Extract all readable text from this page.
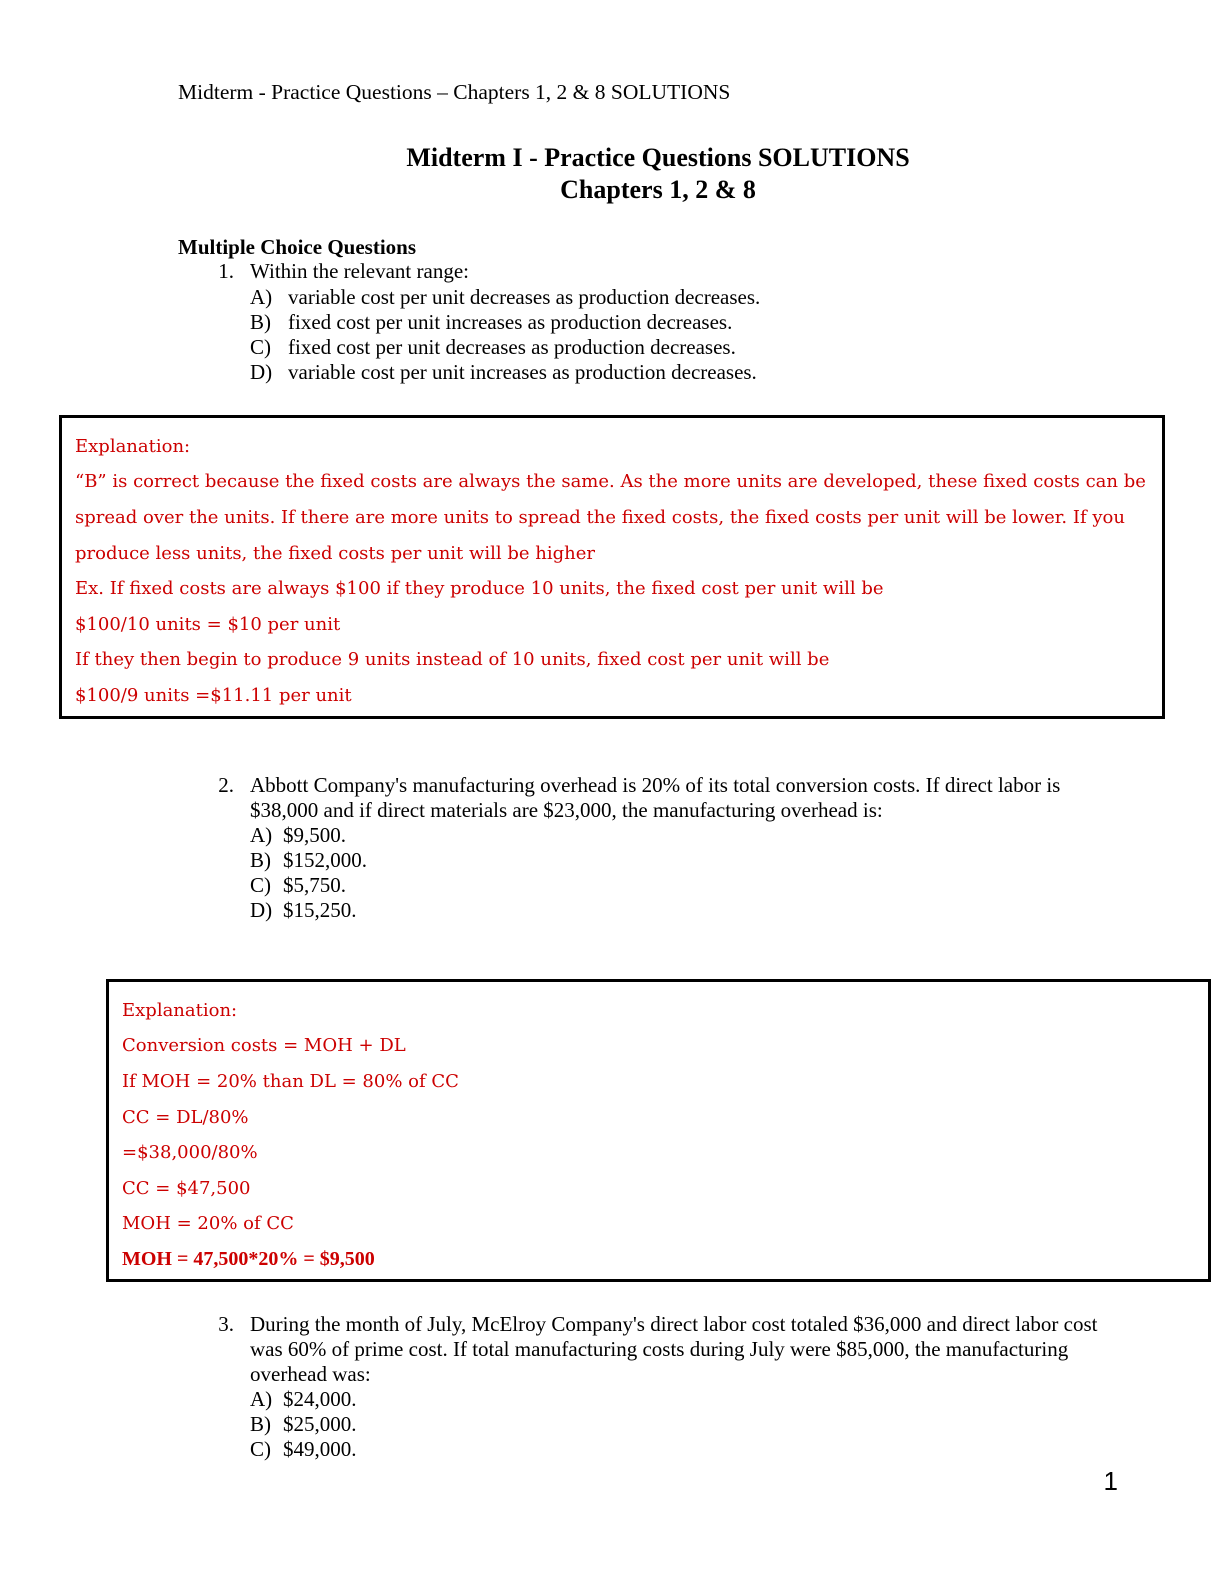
Midterm - Practice Questions – Chapters 1, 2 & 8 SOLUTIONS
Midterm I - Practice Questions SOLUTIONS
Chapters 1, 2 & 8
Multiple Choice Questions
1. Within the relevant range:
A) variable cost per unit decreases as production decreases.
B) fixed cost per unit increases as production decreases.
C) fixed cost per unit decreases as production decreases.
D) variable cost per unit increases as production decreases.
Explanation:
“B” is correct because the fixed costs are always the same. As the more units are developed, these fixed costs can be
spread over the units. If there are more units to spread the fixed costs, the fixed costs per unit will be lower. If you
produce less units, the fixed costs per unit will be higher
Ex. If fixed costs are always $100 if they produce 10 units, the fixed cost per unit will be
$100/10 units = $10 per unit
If they then begin to produce 9 units instead of 10 units, fixed cost per unit will be
$100/9 units =$11.11 per unit
2. Abbott Company's manufacturing overhead is 20% of its total conversion costs. If direct labor is
$38,000 and if direct materials are $23,000, the manufacturing overhead is:
A) $9,500.
B) $152,000.
C) $5,750.
D) $15,250.
Explanation:
Conversion costs = MOH + DL
If MOH = 20% than DL = 80% of CC
CC = DL/80%
=$38,000/80%
CC = $47,500
MOH = 20% of CC
MOH = 47,500*20% = $9,500
3. During the month of July, McElroy Company's direct labor cost totaled $36,000 and direct labor cost
was 60% of prime cost. If total manufacturing costs during July were $85,000, the manufacturing
overhead was:
A) $24,000.
B) $25,000.
C) $49,000.
1
